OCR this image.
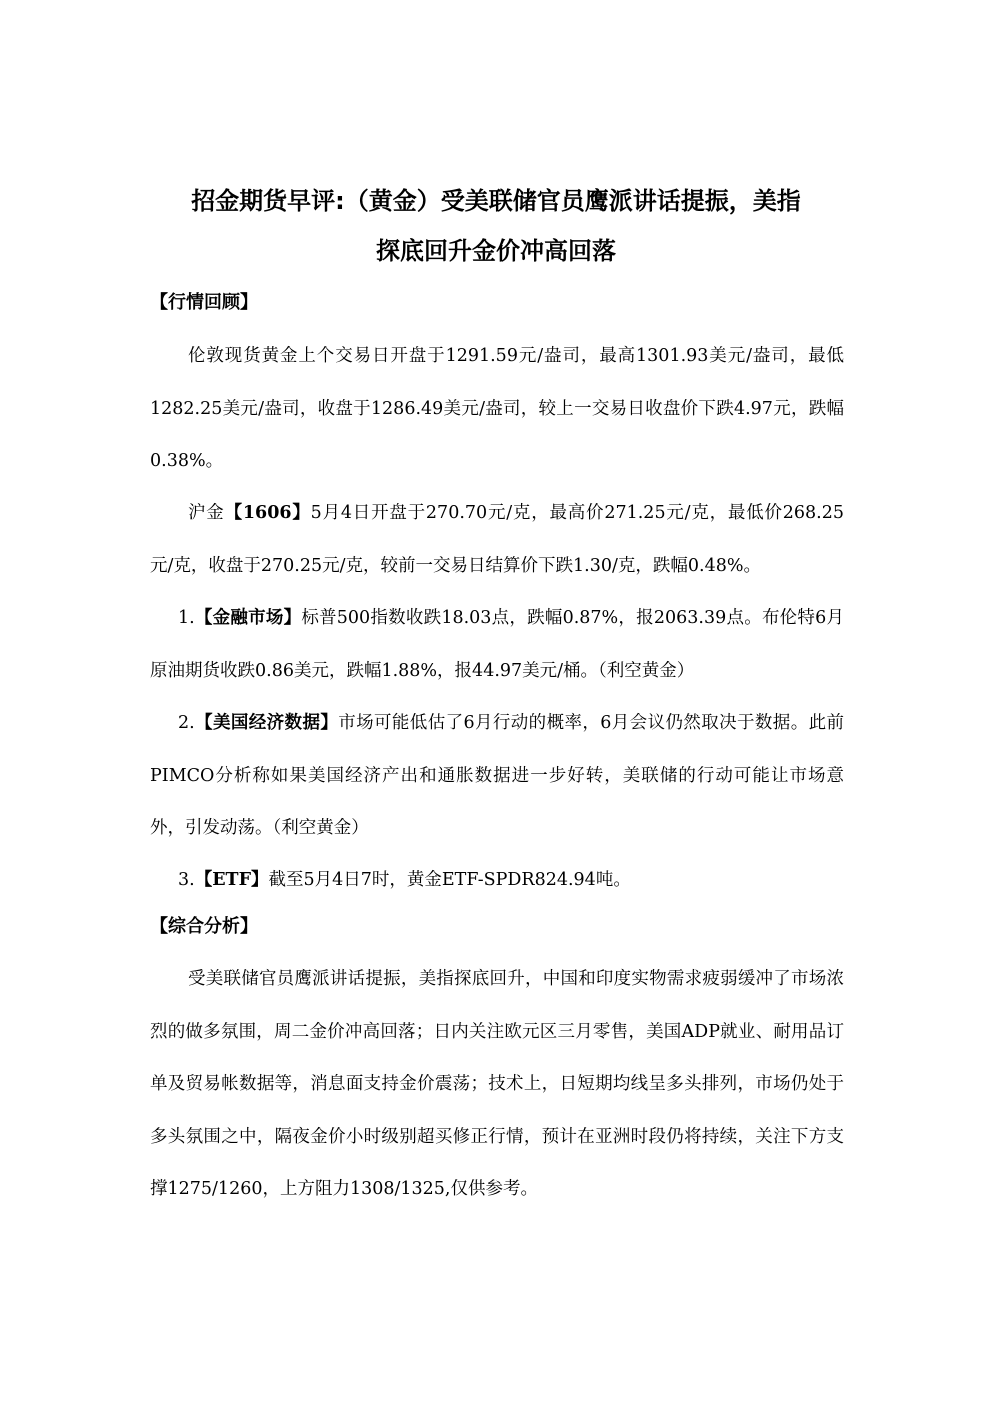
招金期货早评:（黄金）受美联储官员鹰派讲话提振，美指
探底回升金价冲高回落
【行情回顾】

伦敦现货黄金上个交易日开盘于1291.59元/盎司，最高1301.93美元/盎司，最低1282.25美元/盎司，收盘于1286.49美元/盎司，较上一交易日收盘价下跌4.97元，跌幅0.38%。

沪金【1606】5月4日开盘于270.70元/克，最高价271.25元/克，最低价268.25元/克，收盘于270.25元/克，较前一交易日结算价下跌1.30/克，跌幅0.48%。

1.【金融市场】标普500指数收跌18.03点，跌幅0.87%，报2063.39点。布伦特6月原油期货收跌0.86美元，跌幅1.88%，报44.97美元/桶。（利空黄金）

2.【美国经济数据】市场可能低估了6月行动的概率，6月会议仍然取决于数据。此前PIMCO分析称如果美国经济产出和通胀数据进一步好转，美联储的行动可能让市场意外，引发动荡。（利空黄金）

3.【ETF】截至5月4日7时，黄金ETF-SPDR824.94吨。

【综合分析】

受美联储官员鹰派讲话提振，美指探底回升，中国和印度实物需求疲弱缓冲了市场浓烈的做多氛围，周二金价冲高回落；日内关注欧元区三月零售，美国ADP就业、耐用品订单及贸易帐数据等，消息面支持金价震荡；技术上，日短期均线呈多头排列，市场仍处于多头氛围之中，隔夜金价小时级别超买修正行情，预计在亚洲时段仍将持续，关注下方支撑1275/1260，上方阻力1308/1325,仅供参考。
